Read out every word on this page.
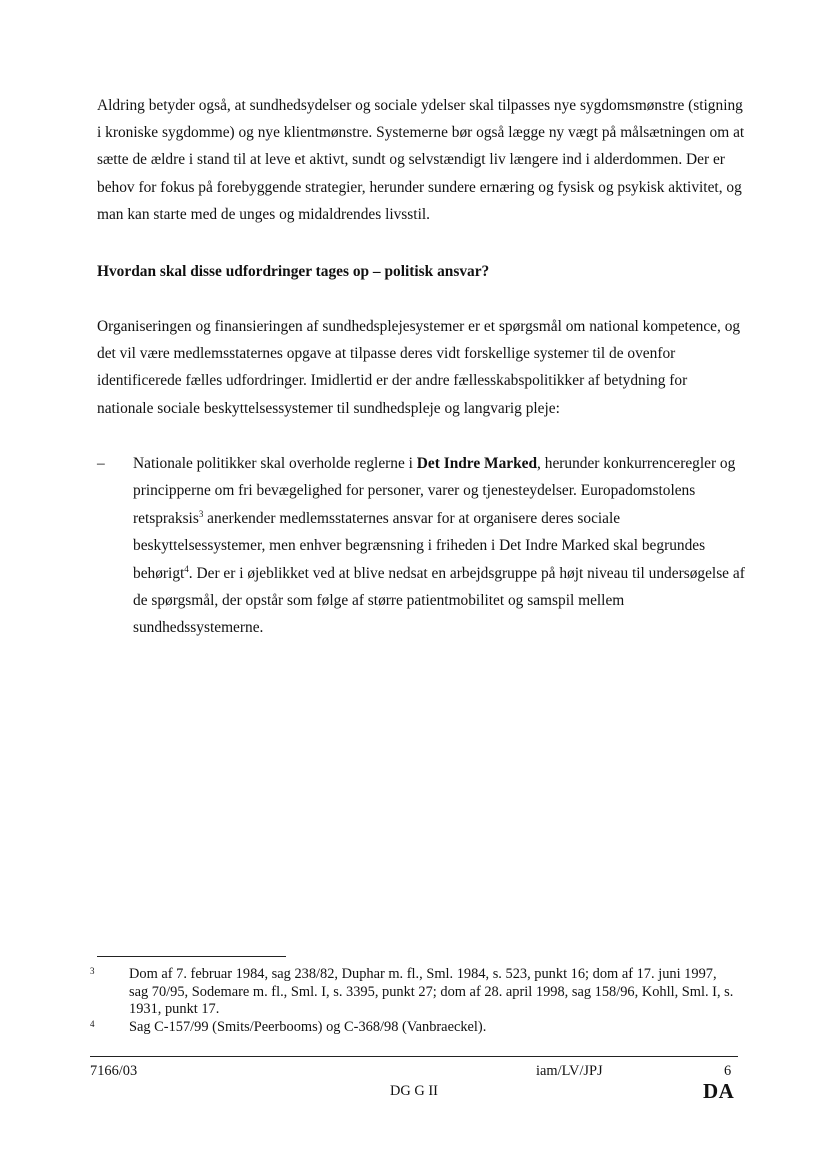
Aldring betyder også, at sundhedsydelser og sociale ydelser skal tilpasses nye sygdomsmønstre (stigning i kroniske sygdomme) og nye klientmønstre. Systemerne bør også lægge ny vægt på målsætningen om at sætte de ældre i stand til at leve et aktivt, sundt og selvstændigt liv længere ind i alderdommen. Der er behov for fokus på forebyggende strategier, herunder sundere ernæring og fysisk og psykisk aktivitet, og man kan starte med de unges og midaldrendes livsstil.

Hvordan skal disse udfordringer tages op – politisk ansvar?

Organiseringen og finansieringen af sundhedsplejesystemer er et spørgsmål om national kompetence, og det vil være medlemsstaternes opgave at tilpasse deres vidt forskellige systemer til de ovenfor identificerede fælles udfordringer. Imidlertid er der andre fællesskabspolitikker af betydning for nationale sociale beskyttelsessystemer til sundhedspleje og langvarig pleje:

– Nationale politikker skal overholde reglerne i Det Indre Marked, herunder konkurrenceregler og principperne om fri bevægelighed for personer, varer og tjenesteydelser. Europadomstolens retspraksis$^3$ anerkender medlemsstaternes ansvar for at organisere deres sociale beskyttelsessystemer, men enhver begrænsning i friheden i Det Indre Marked skal begrundes behørigt$^4$. Der er i øjeblikket ved at blive nedsat en arbejdsgruppe på højt niveau til undersøgelse af de spørgsmål, der opstår som følge af større patientmobilitet og samspil mellem sundhedssystemerne.
3 Dom af 7. februar 1984, sag 238/82, Duphar m. fl., Sml. 1984, s. 523, punkt 16; dom af 17. juni 1997, sag 70/95, Sodemare m. fl., Sml. I, s. 3395, punkt 27; dom af 28. april 1998, sag 158/96, Kohll, Sml. I, s. 1931, punkt 17.
4 Sag C-157/99 (Smits/Peerbooms) og C-368/98 (Vanbraeckel).
7166/03
DG G II
iam/LV/JPJ	6
DA
